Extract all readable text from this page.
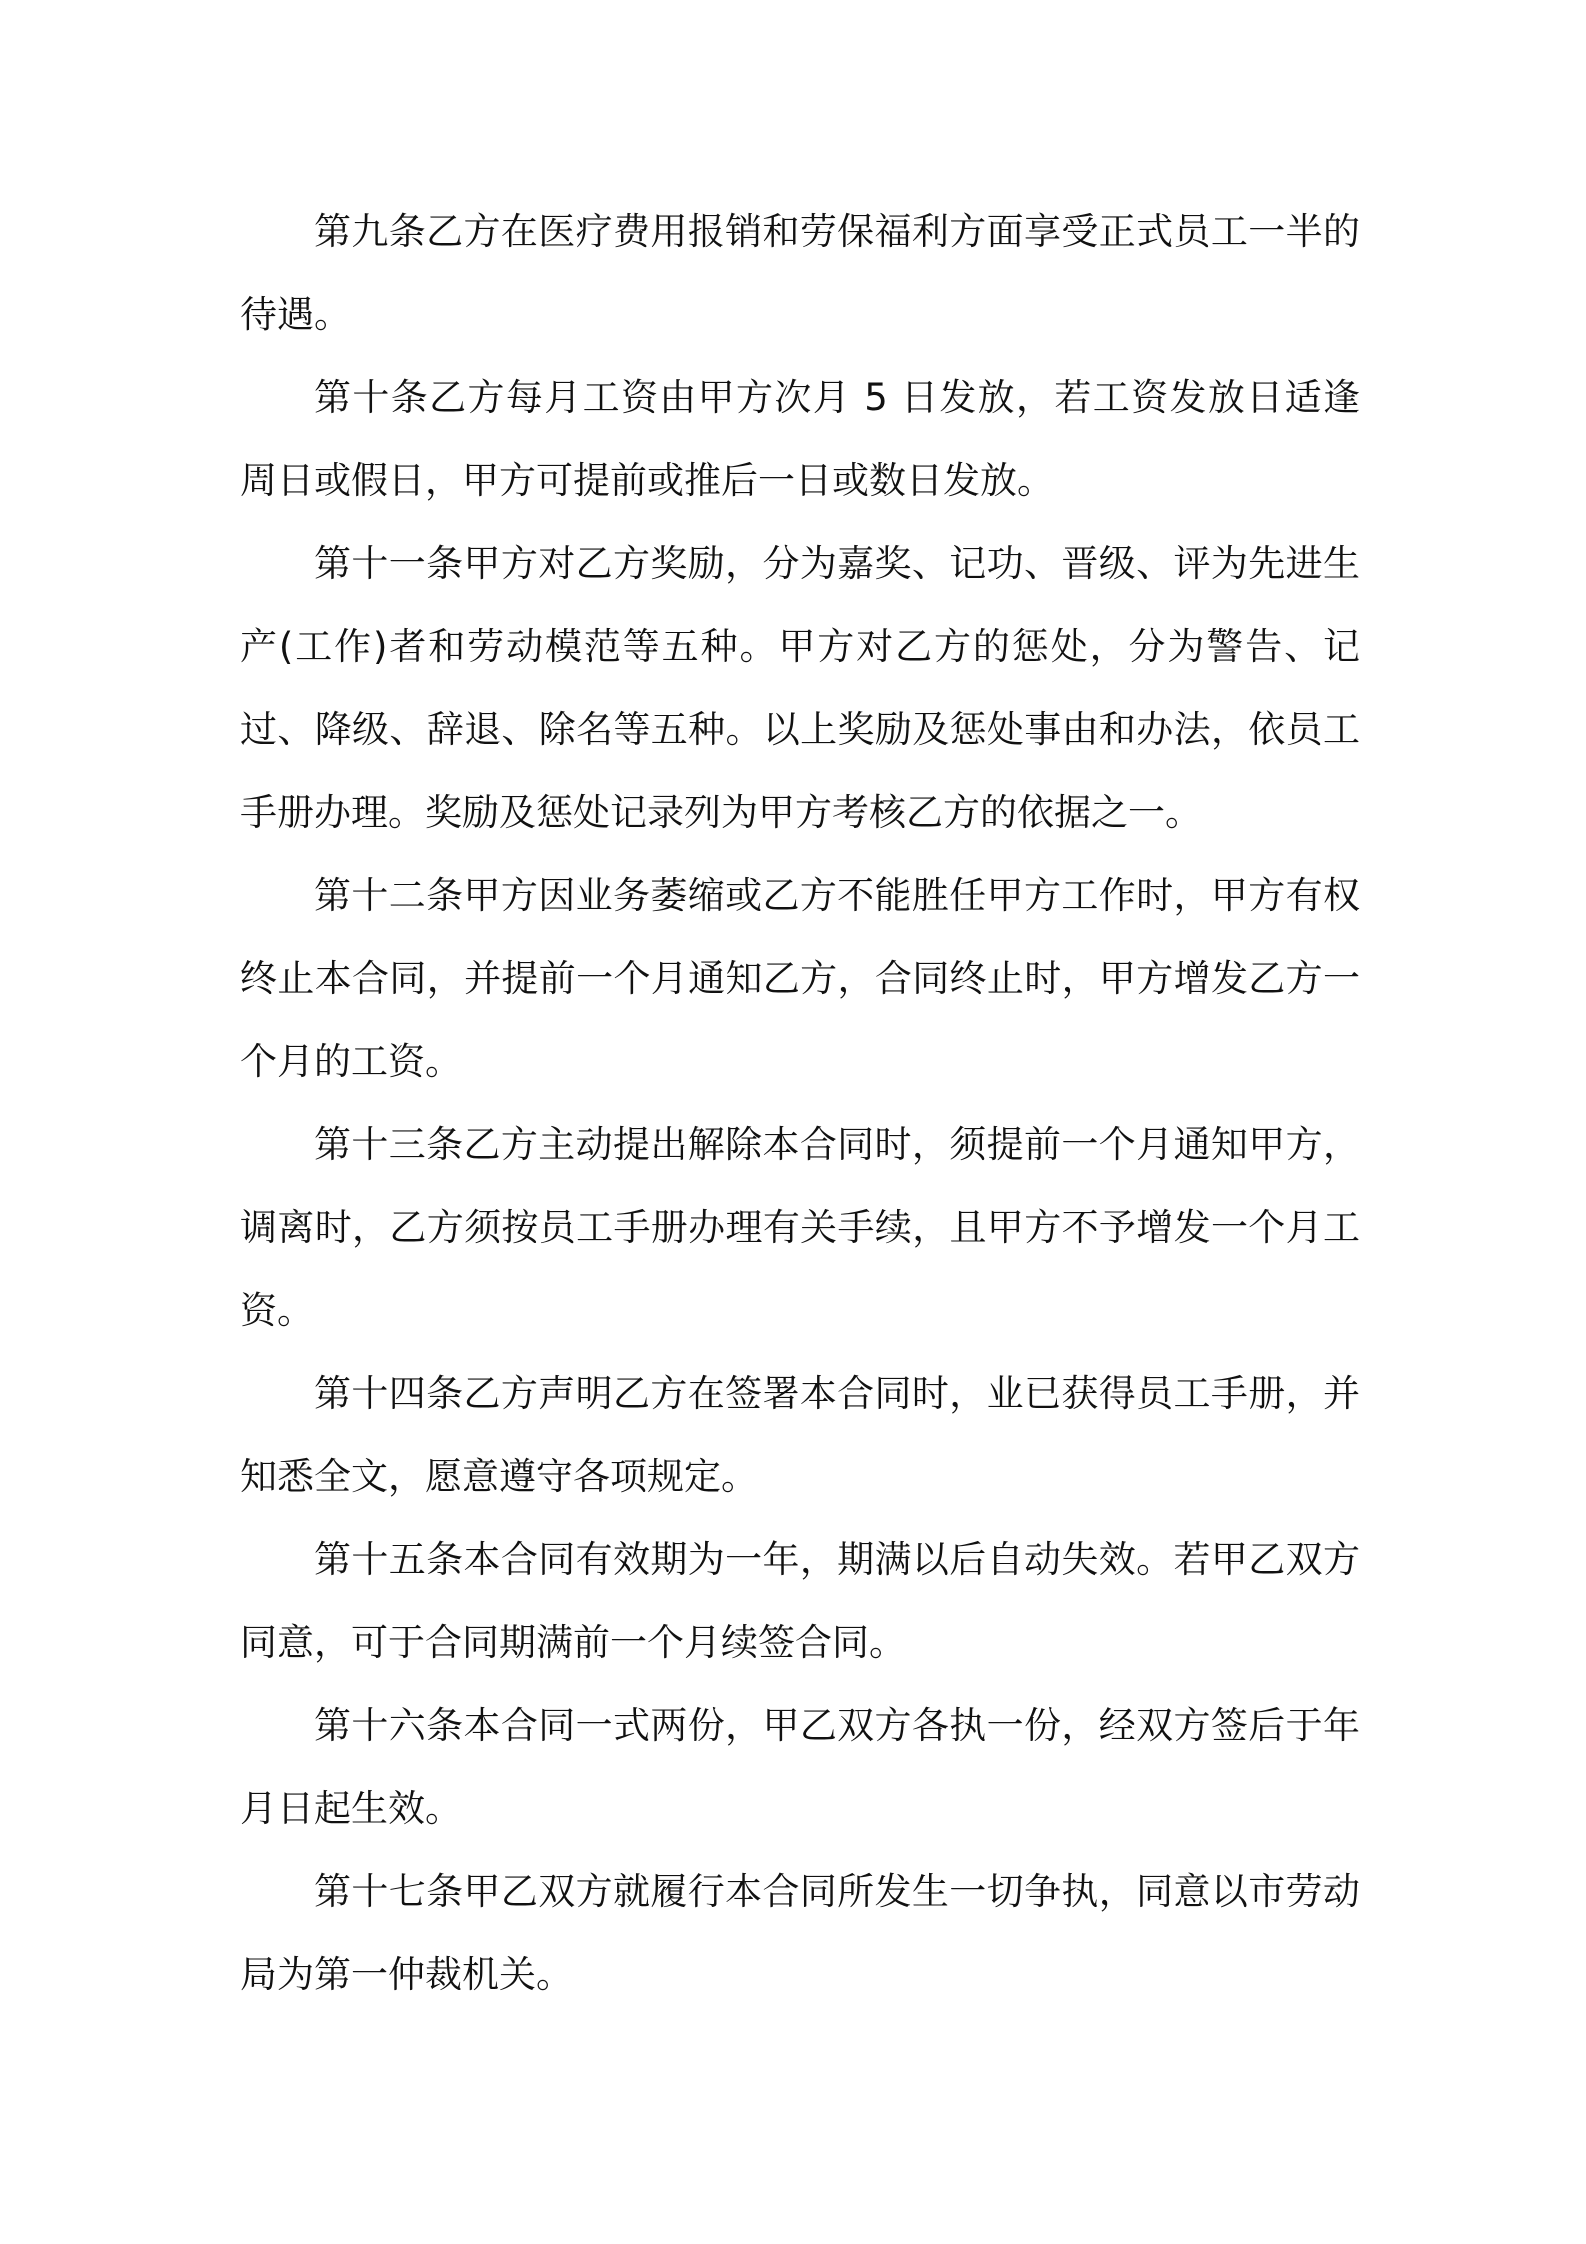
第九条乙方在医疗费用报销和劳保福利方面享受正式员工一半的待遇。

第十条乙方每月工资由甲方次月 5 日发放，若工资发放日适逢周日或假日，甲方可提前或推后一日或数日发放。

第十一条甲方对乙方奖励，分为嘉奖、记功、晋级、评为先进生产(工作)者和劳动模范等五种。甲方对乙方的惩处，分为警告、记过、降级、辞退、除名等五种。以上奖励及惩处事由和办法，依员工手册办理。奖励及惩处记录列为甲方考核乙方的依据之一。

第十二条甲方因业务萎缩或乙方不能胜任甲方工作时，甲方有权终止本合同，并提前一个月通知乙方，合同终止时，甲方增发乙方一个月的工资。

第十三条乙方主动提出解除本合同时，须提前一个月通知甲方，调离时，乙方须按员工手册办理有关手续，且甲方不予增发一个月工资。

第十四条乙方声明乙方在签署本合同时，业已获得员工手册，并知悉全文，愿意遵守各项规定。

第十五条本合同有效期为一年，期满以后自动失效。若甲乙双方同意，可于合同期满前一个月续签合同。

第十六条本合同一式两份，甲乙双方各执一份，经双方签后于年月日起生效。

第十七条甲乙双方就履行本合同所发生一切争执，同意以市劳动局为第一仲裁机关。
